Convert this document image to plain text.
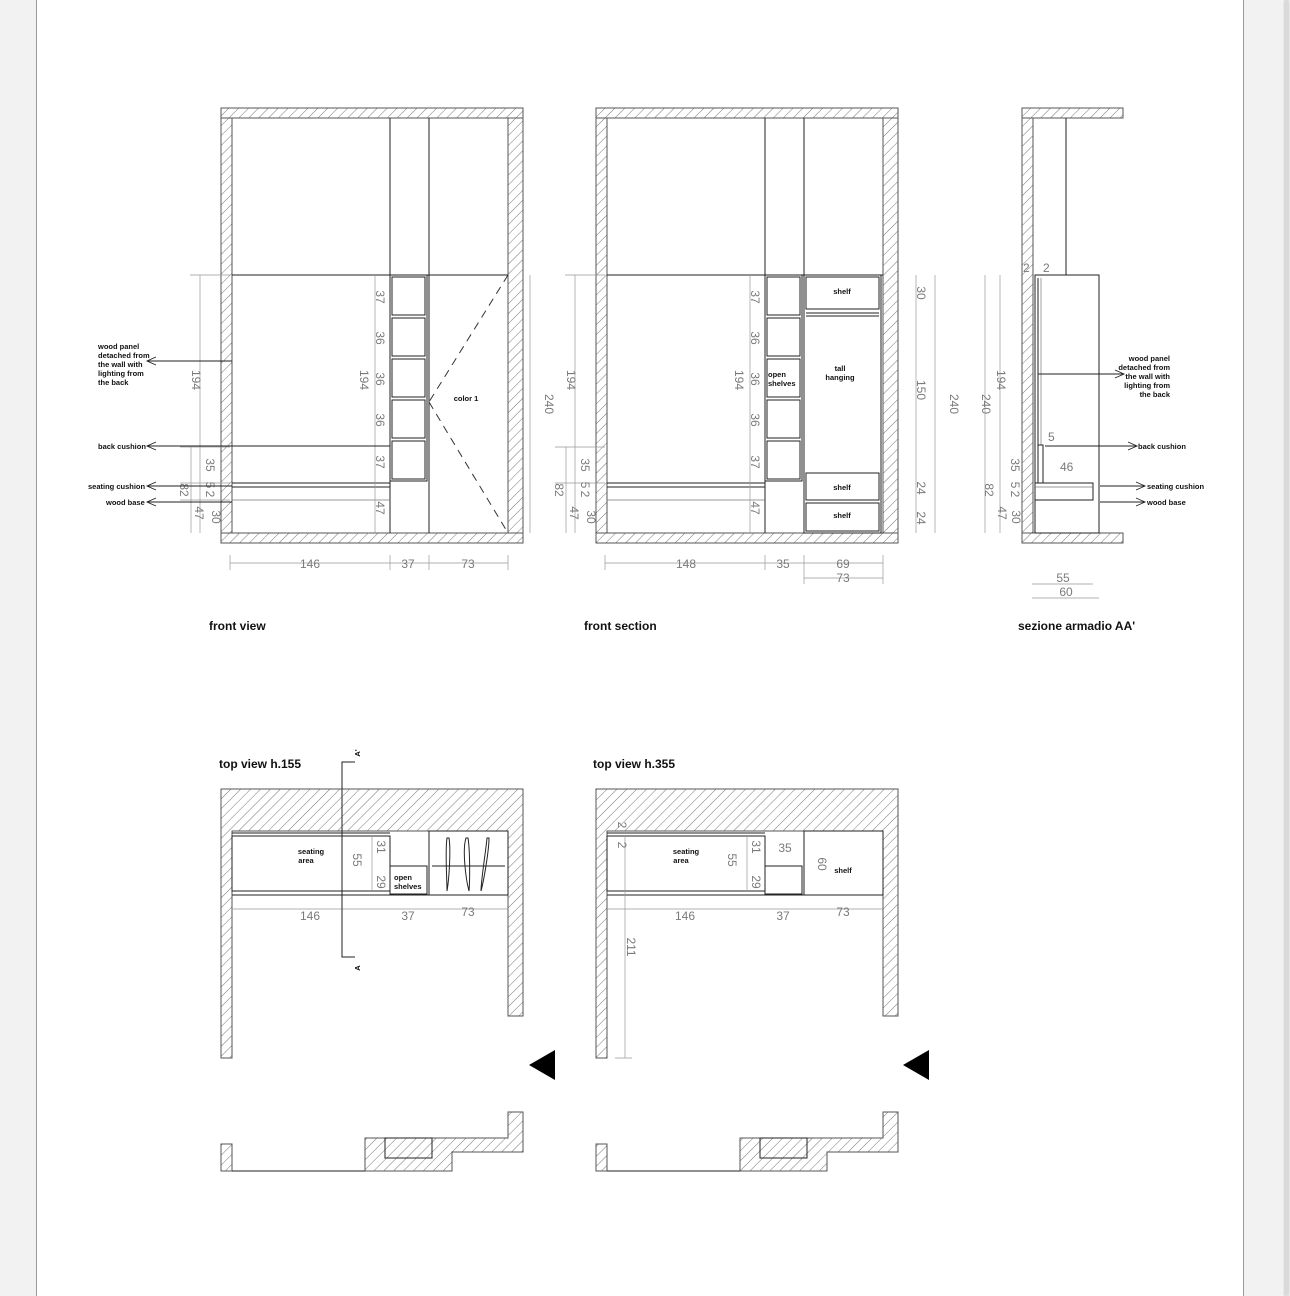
color 1
146	37	73
240
194	194
37
36
36
36
37
47
35
5
2
30
82
47
wood panel
detached from
the wall with
lighting from
the back
back cushion
seating cushion
wood base
front view
open
shelves
shelf
tall
hanging
shelf
shelf
148	35	69
73
240
30
150
24
24
194	194
37
36
36
36
37
47
35
5
2
30
82
47
front section
240
194
35
5
2
30
82
47
2 2
5
46
55
60
wood panel
detached from
the wall with
lighting from
the back
back cushion
seating cushion
wood base
sezione armadio AA'
top view h.155
seating
area
open
shelves
146	37	73
55
31
29
A'
A
top view h.355
seating
area
shelf
146	37	73
55
31
29
35
60
211
2
2
